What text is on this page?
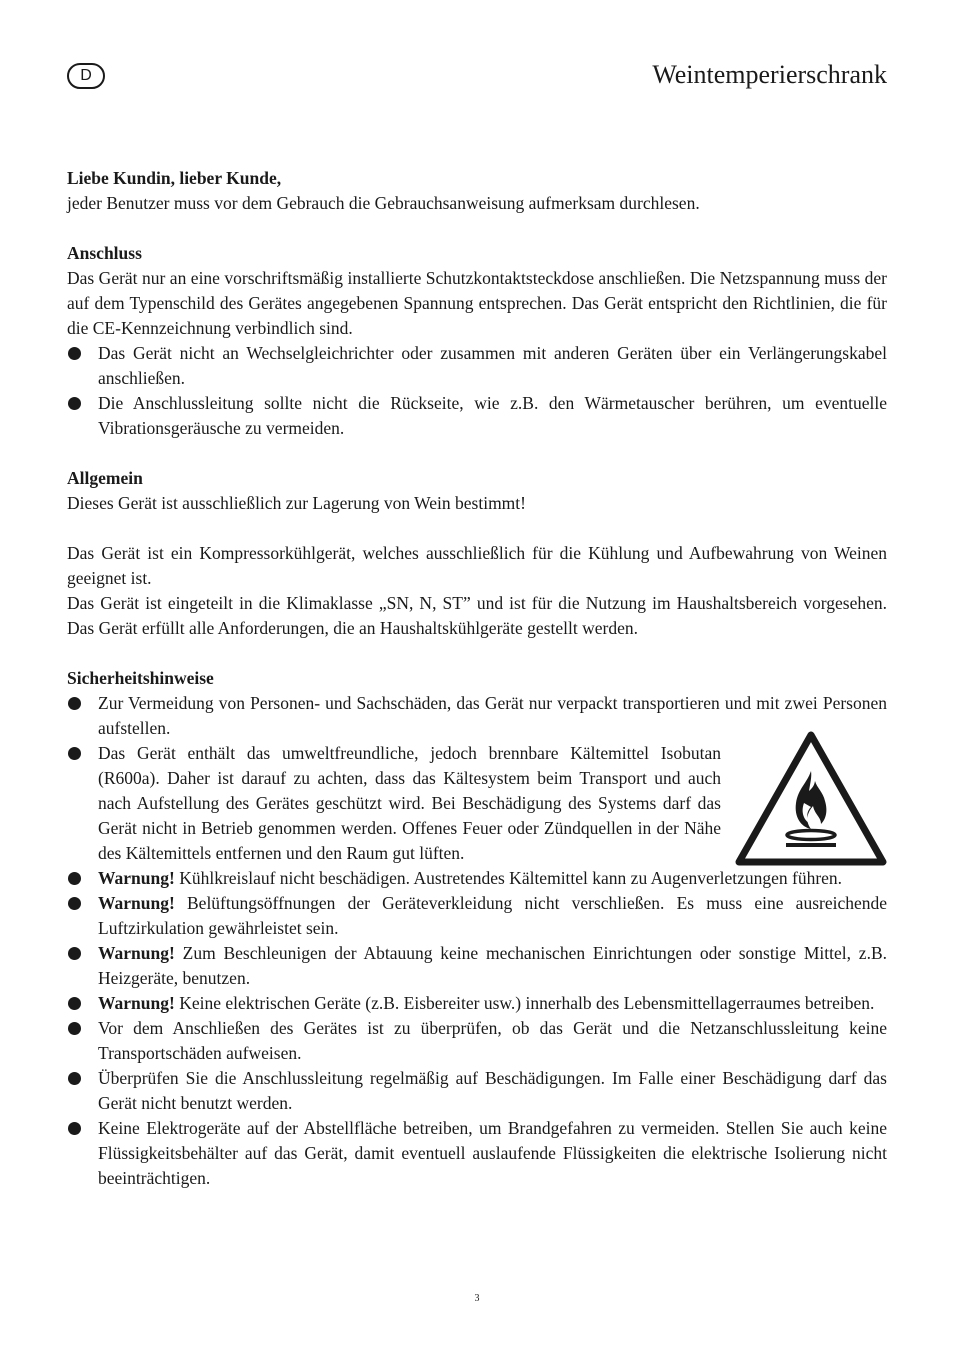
D	Weintemperierschrank

Liebe Kundin, lieber Kunde,

jeder Benutzer muss vor dem Gebrauch die Gebrauchsanweisung aufmerksam durchlesen.

Anschluss

Das Gerät nur an eine vorschriftsmäßig installierte Schutzkontaktsteckdose anschließen. Die Netzspannung muss der auf dem Typenschild des Gerätes angegebenen Spannung entsprechen. Das Gerät entspricht den Richtlinien, die für die CE-Kennzeichnung verbindlich sind.

Das Gerät nicht an Wechselgleichrichter oder zusammen mit anderen Geräten über ein Verlängerungskabel anschließen.

Die Anschlussleitung sollte nicht die Rückseite, wie z.B. den Wärmetauscher berühren, um eventuelle Vibrationsgeräusche zu vermeiden.

Allgemein

Dieses Gerät ist ausschließlich zur Lagerung von Wein bestimmt!

Das Gerät ist ein Kompressorkühlgerät, welches ausschließlich für die Kühlung und Aufbewahrung von Weinen geeignet ist.

Das Gerät ist eingeteilt in die Klimaklasse „SN, N, ST” und ist für die Nutzung im Haushaltsbereich vorgesehen. Das Gerät erfüllt alle Anforderungen, die an Haushaltskühlgeräte gestellt werden.

Sicherheitshinweise

Zur Vermeidung von Personen- und Sachschäden, das Gerät nur verpackt transportieren und mit zwei Personen aufstellen.

Das Gerät enthält das umweltfreundliche, jedoch brennbare Kältemittel Isobutan (R600a). Daher ist darauf zu achten, dass das Kältesystem beim Transport und auch nach Aufstellung des Gerätes geschützt wird. Bei Beschädigung des Systems darf das Gerät nicht in Betrieb genommen werden. Offenes Feuer oder Zündquellen in der Nähe des Kältemittels entfernen und den Raum gut lüften.

Warnung! Kühlkreislauf nicht beschädigen. Austretendes Kältemittel kann zu Augenverletzungen führen.

Warnung! Belüftungsöffnungen der Geräteverkleidung nicht verschließen. Es muss eine ausreichende Luftzirkulation gewährleistet sein.

Warnung! Zum Beschleunigen der Abtauung keine mechanischen Einrichtungen oder sonstige Mittel, z.B. Heizgeräte, benutzen.

Warnung! Keine elektrischen Geräte (z.B. Eisbereiter usw.) innerhalb des Lebensmittellagerraumes betreiben.

Vor dem Anschließen des Gerätes ist zu überprüfen, ob das Gerät und die Netzanschlussleitung keine Transportschäden aufweisen.

Überprüfen Sie die Anschlussleitung regelmäßig auf Beschädigungen. Im Falle einer Beschädigung darf das Gerät nicht benutzt werden.

Keine Elektrogeräte auf der Abstellfläche betreiben, um Brandgefahren zu vermeiden. Stellen Sie auch keine Flüssigkeitsbehälter auf das Gerät, damit eventuell auslaufende Flüssigkeiten die elektrische Isolierung nicht beeinträchtigen.

3
